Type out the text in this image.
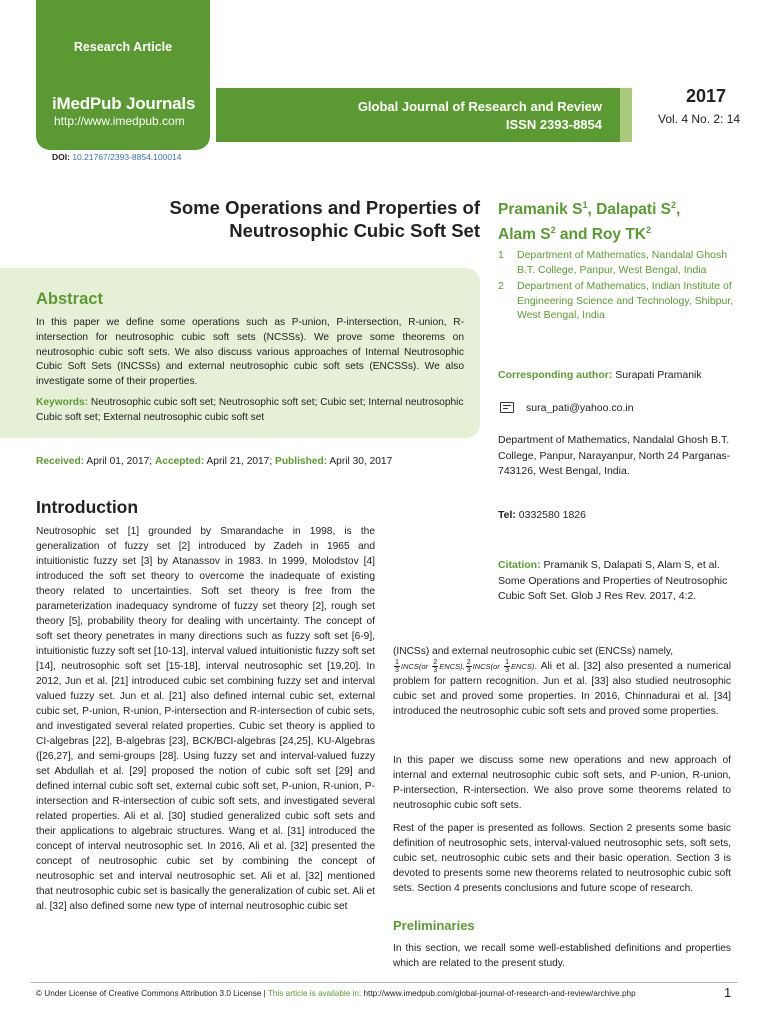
Research Article
iMedPub Journals
http://www.imedpub.com
Global Journal of Research and Review
ISSN 2393-8854
2017
Vol. 4 No. 2: 14
DOI: 10.21767/2393-8854.100014
Some Operations and Properties of
Neutrosophic Cubic Soft Set
Pramanik $S^1$, Dalapati $S^2$,
Alam $S^2$ and Roy $TK^2$
1	Department of Mathematics, Nandalal Ghosh B.T. College, Panpur, West Bengal, India
2	Department of Mathematics, Indian Institute of Engineering Science and Technology, Shibpur, West Bengal, India
Abstract
In this paper we define some operations such as P-union, P-intersection, R-union, R-intersection for neutrosophic cubic soft sets (NCSSs). We prove some theorems on neutrosophic cubic soft sets. We also discuss various approaches of Internal Neutrosophic Cubic Soft Sets (INCSSs) and external neutrosophic cubic soft sets (ENCSSs). We also investigate some of their properties.
Keywords: Neutrosophic cubic soft set; Neutrosophic soft set; Cubic set; Internal neutrosophic Cubic soft set; External neutrosophic cubic soft set
Received: April 01, 2017; Accepted: April 21, 2017; Published: April 30, 2017
Corresponding author: Surapati Pramanik
sura_pati@yahoo.co.in
Department of Mathematics, Nandalal Ghosh B.T. College, Panpur, Narayanpur, North 24 Parganas-743126, West Bengal, India.
Tel: 0332580 1826
Citation: Pramanik S, Dalapati S, Alam S, et al. Some Operations and Properties of Neutrosophic Cubic Soft Set. Glob J Res Rev. 2017, 4:2.
Introduction
Neutrosophic set [1] grounded by Smarandache in 1998, is the generalization of fuzzy set [2] introduced by Zadeh in 1965 and intuitionistic fuzzy set [3] by Atanassov in 1983. In 1999, Molodstov [4] introduced the soft set theory to overcome the inadequate of existing theory related to uncertainties. Soft set theory is free from the parameterization inadequacy syndrome of fuzzy set theory [2], rough set theory [5], probability theory for dealing with uncertainty. The concept of soft set theory penetrates in many directions such as fuzzy soft set [6-9], intuitionistic fuzzy soft set [10-13], interval valued intuitionistic fuzzy soft set [14], neutrosophic soft set [15-18], interval neutrosophic set [19,20]. In 2012, Jun et al. [21] introduced cubic set combining fuzzy set and interval valued fuzzy set. Jun et al. [21] also defined internal cubic set, external cubic set, P-union, R-union, P-intersection and R-intersection of cubic sets, and investigated several related properties. Cubic set theory is applied to CI-algebras [22], B-algebras [23], BCK/BCI-algebras [24,25], KU-Algebras ([26,27], and semi-groups [28]. Using fuzzy set and interval-valued fuzzy set Abdullah et al. [29] proposed the notion of cubic soft set [29] and defined internal cubic soft set, external cubic soft set, P-union, R-union, P-intersection and R-intersection of cubic soft sets, and investigated several related properties. Ali et al. [30] studied generalized cubic soft sets and their applications to algebraic structures. Wang et al. [31] introduced the concept of interval neutrosophic set. In 2016, Ali et al. [32] presented the concept of neutrosophic cubic set by combining the concept of neutrosophic set and interval neutrosophic set. Ali et al. [32] mentioned that neutrosophic cubic set is basically the generalization of cubic set. Ali et al. [32] also defined some new type of internal neutrosophic cubic set
(INCSs) and external neutrosophic cubic set (ENCSs) namely,

$\frac{1}{3}$ INCS(or $\frac{2}{3}$ ENCS), $\frac{2}{3}$ INCS(or $\frac{1}{3}$ ENCS). Ali et al. [32] also presented a numerical problem for pattern recognition. Jun et al. [33] also studied neutrosophic cubic set and proved some properties. In 2016, Chinnadurai et al. [34] introduced the neutrosophic cubic soft sets and proved some properties.
In this paper we discuss some new operations and new approach of internal and external neutrosophic cubic soft sets, and P-union, R-union, P-intersection, R-intersection. We also prove some theorems related to neutrosophic cubic soft sets.
Rest of the paper is presented as follows. Section 2 presents some basic definition of neutrosophic sets, interval-valued neutrosophic sets, soft sets, cubic set, neutrosophic cubic sets and their basic operation. Section 3 is devoted to presents some new theorems related to neutrosophic cubic soft sets. Section 4 presents conclusions and future scope of research.
Preliminaries
In this section, we recall some well-established definitions and properties which are related to the present study.
© Under License of Creative Commons Attribution 3.0 License | This article is available in: http://www.imedpub.com/global-journal-of-research-and-review/archive.php	1
